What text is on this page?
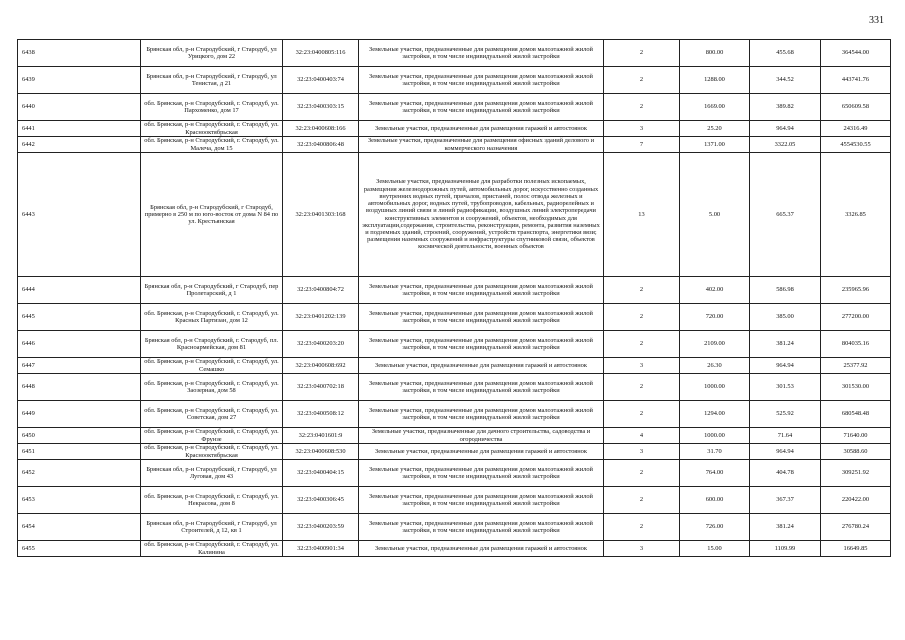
331
6438	Брянская обл, р-н Стародубский, г Стародуб, ул Урицкого, дом 22	32:23:0400805:116	Земельные участки, предназначенные для размещения домов малоэтажной жилой застройки, в том числе индивидуальной жилой застройки	2	800.00	455.68	364544.00
6439	Брянская обл, р-н Стародубский, г Стародуб, ул Тенистая, д 21	32:23:0400403:74	Земельные участки, предназначенные для размещения домов малоэтажной жилой застройки, в том числе индивидуальной жилой застройки	2	1288.00	344.52	443741.76
6440	обл. Брянская, р-н Стародубский, г. Стародуб, ул. Пархоменко, дом 17	32:23:0400303:15	Земельные участки, предназначенные для размещения домов малоэтажной жилой застройки, в том числе индивидуальной жилой застройки	2	1669.00	389.82	650609.58
6441	обл. Брянская, р-н Стародубский, г. Стародуб, ул. Краснооктябрьская	32:23:0400608:166	Земельные участки, предназначенные для размещения гаражей и автостоянок	3	25.20	964.94	24316.49
6442	обл. Брянская, р-н Стародубский, г. Стародуб, ул. Малеча, дом 15	32:23:0400806:48	Земельные участки, предназначенные для размещения офисных зданий делового и коммерческого назначения	7	1371.00	3322.05	4554530.55
6443	Брянская обл, р-н Стародубский, г Стародуб, примерно в 250 м по юго-восток от дома N 84 по ул. Крестьянская	32:23:0401303:168	Земельные участки, предназначенные для разработки полезных ископаемых, размещения железнодорожных путей, автомобильных дорог, искусственно созданных внутренних водных путей, причалов, пристаней, полос отвода железных и автомобильных дорог, водных путей, трубопроводов, кабельных, радиорелейных и воздушных линий связи и линий радиофикации, воздушных линий электропередачи конструктивных элементов и сооружений, объектов, необходимых для эксплуатации,содержания, строительства, реконструкции, ремонта, развития наземных и подземных зданий, строений, сооружений, устройств транспорта, энергетики вязи; размещения наземных сооружений и инфраструктуры спутниковой связи, объектов космической деятельности, военных объектов	13	5.00	665.37	3326.85
6444	Брянская обл, р-н Стародубский, г Стародуб, пер Пролетарский, д 1	32:23:0400804:72	Земельные участки, предназначенные для размещения домов малоэтажной жилой застройки, в том числе индивидуальной жилой застройки	2	402.00	586.98	235965.96
6445	обл. Брянская, р-н Стародубский, г. Стародуб, ул. Красных Партизан, дом 12	32:23:0401202:139	Земельные участки, предназначенные для размещения домов малоэтажной жилой застройки, в том числе индивидуальной жилой застройки	2	720.00	385.00	277200.00
6446	Брянская обл, р-н Стародубский, г. Стародуб, пл. Красноармейская, дом 81	32:23:0400203:20	Земельные участки, предназначенные для размещения домов малоэтажной жилой застройки, в том числе индивидуальной жилой застройки	2	2109.00	381.24	804035.16
6447	обл. Брянская, р-н Стародубский, г. Стародуб, ул. Семашко	32:23:0400608:692	Земельные участки, предназначенные для размещения гаражей и автостоянок	3	26.30	964.94	25377.92
6448	обл. Брянская, р-н Стародубский, г. Стародуб, ул. Заозерная, дом 58	32:23:0400702:18	Земельные участки, предназначенные для размещения домов малоэтажной жилой застройки, в том числе индивидуальной жилой застройки	2	1000.00	301.53	301530.00
6449	обл. Брянская, р-н Стародубский, г. Стародуб, ул. Советская, дом 27	32:23:0400508:12	Земельные участки, предназначенные для размещения домов малоэтажной жилой застройки, в том числе индивидуальной жилой застройки	2	1294.00	525.92	680548.48
6450	обл. Брянская, р-н Стародубский, г. Стародуб, ул. Фрунзе	32:23:0401601:9	Земельные участки, предназначенные для дачного строительства, садоводства и огородничества	4	1000.00	71.64	71640.00
6451	обл. Брянская, р-н Стародубский, г. Стародуб, ул. Краснооктябрьская	32:23:0400608:530	Земельные участки, предназначенные для размещения гаражей и автостоянок	3	31.70	964.94	30588.60
6452	Брянская обл, р-н Стародубский, г Стародуб, ул Луговая, дом 43	32:23:0400404:15	Земельные участки, предназначенные для размещения домов малоэтажной жилой застройки, в том числе индивидуальной жилой застройки	2	764.00	404.78	309251.92
6453	обл. Брянская, р-н Стародубский, г. Стародуб, ул. Некрасова, дом 8	32:23:0400306:45	Земельные участки, предназначенные для размещения домов малоэтажной жилой застройки, в том числе индивидуальной жилой застройки	2	600.00	367.37	220422.00
6454	Брянская обл, р-н Стародубский, г Стародуб, ул Строителей, д 12, кв 1	32:23:0400203:59	Земельные участки, предназначенные для размещения домов малоэтажной жилой застройки, в том числе индивидуальной жилой застройки	2	726.00	381.24	276780.24
6455	обл. Брянская, р-н Стародубский, г. Стародуб, ул. Калинина	32:23:0400901:34	Земельные участки, предназначенные для размещения гаражей и автостоянок	3	15.00	1109.99	16649.85
